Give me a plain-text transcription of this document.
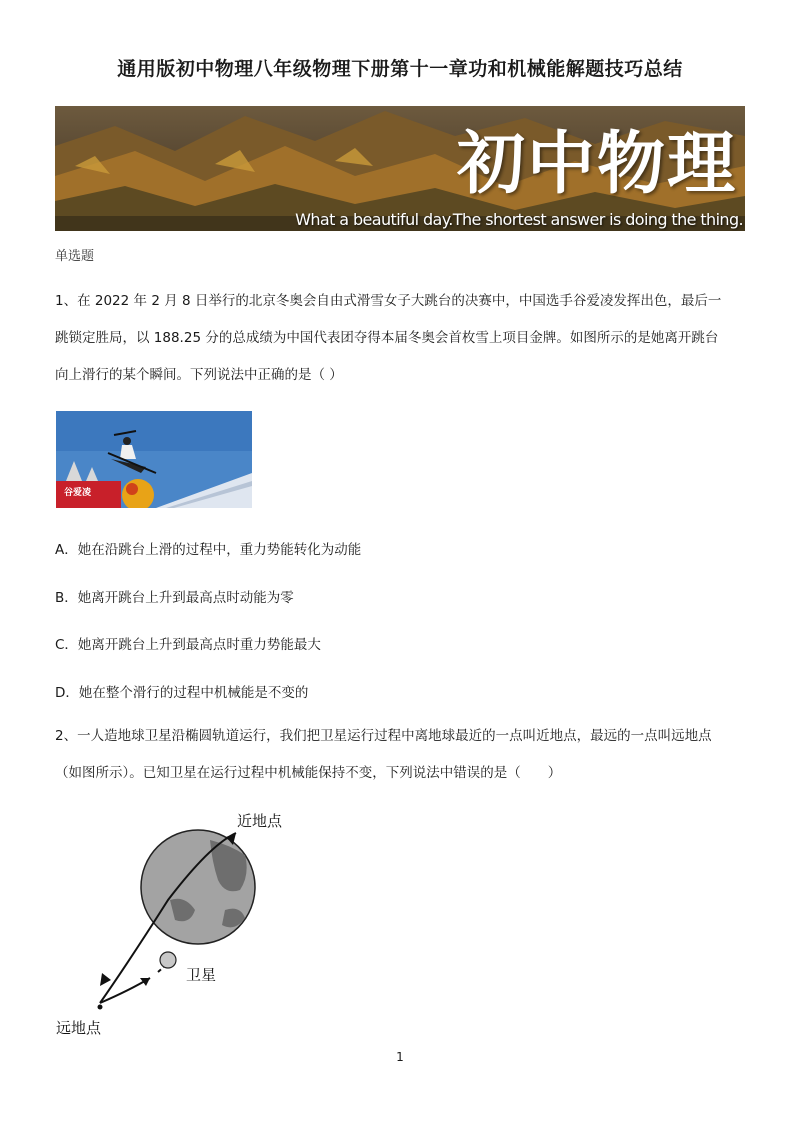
通用版初中物理八年级物理下册第十一章功和机械能解题技巧总结
初中物理
What a beautiful day.The shortest answer is doing the thing.
单选题
1、在 2022 年 2 月 8 日举行的北京冬奥会自由式滑雪女子大跳台的决赛中，中国选手谷爱凌发挥出色，最后一
跳锁定胜局，以 188.25 分的总成绩为中国代表团夺得本届冬奥会首枚雪上项目金牌。如图所示的是她离开跳台
向上滑行的某个瞬间。下列说法中正确的是（ ）
谷爱凌
A．她在沿跳台上滑的过程中，重力势能转化为动能
B．她离开跳台上升到最高点时动能为零
C．她离开跳台上升到最高点时重力势能最大
D．她在整个滑行的过程中机械能是不变的
2、一人造地球卫星沿椭圆轨道运行，我们把卫星运行过程中离地球最近的一点叫近地点，最远的一点叫远地点
（如图所示）。已知卫星在运行过程中机械能保持不变，下列说法中错误的是（　　）
近地点
卫星
远地点
1
